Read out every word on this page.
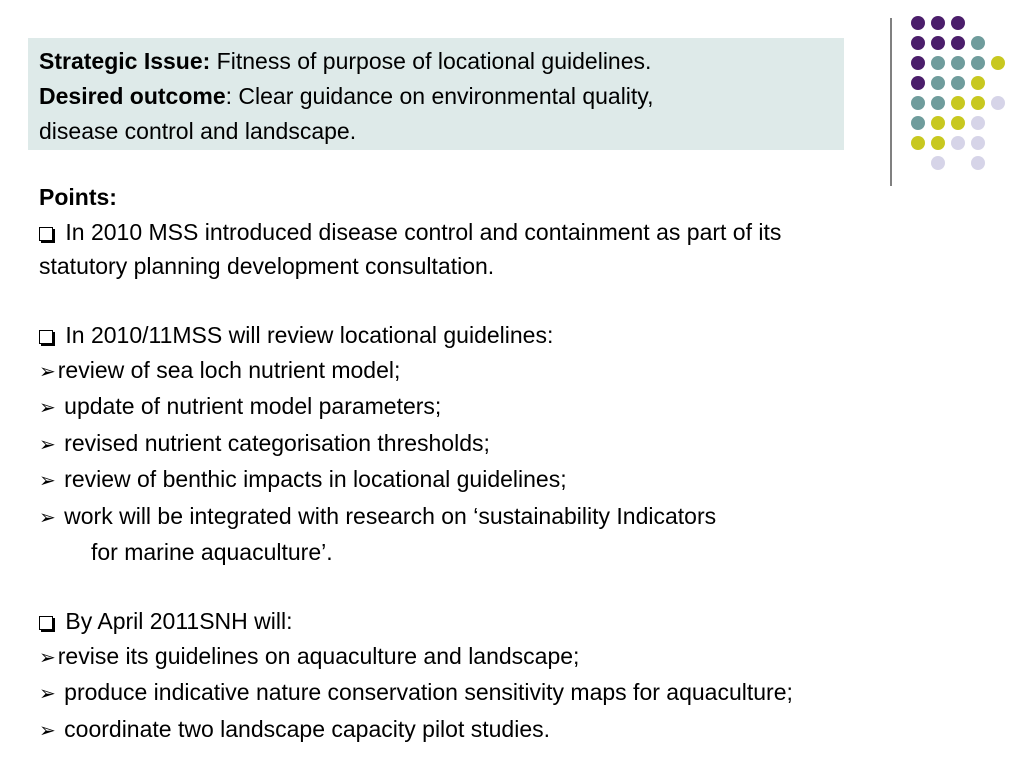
Strategic Issue: Fitness of purpose of locational guidelines.
Desired outcome: Clear guidance on environmental quality,
disease control and landscape.
Points:
In 2010 MSS introduced disease control and containment as part of its
statutory planning development consultation.
In 2010/11MSS will review locational guidelines:
➢review of sea loch nutrient model;
➢ update of nutrient model parameters;
➢ revised nutrient categorisation thresholds;
➢ review of benthic impacts in locational guidelines;
➢ work will be integrated with research on ‘sustainability Indicators
for marine aquaculture’.
By April 2011SNH will:
➢revise its guidelines on aquaculture and landscape;
➢ produce indicative nature conservation sensitivity maps for aquaculture;
➢ coordinate two landscape capacity pilot studies.
